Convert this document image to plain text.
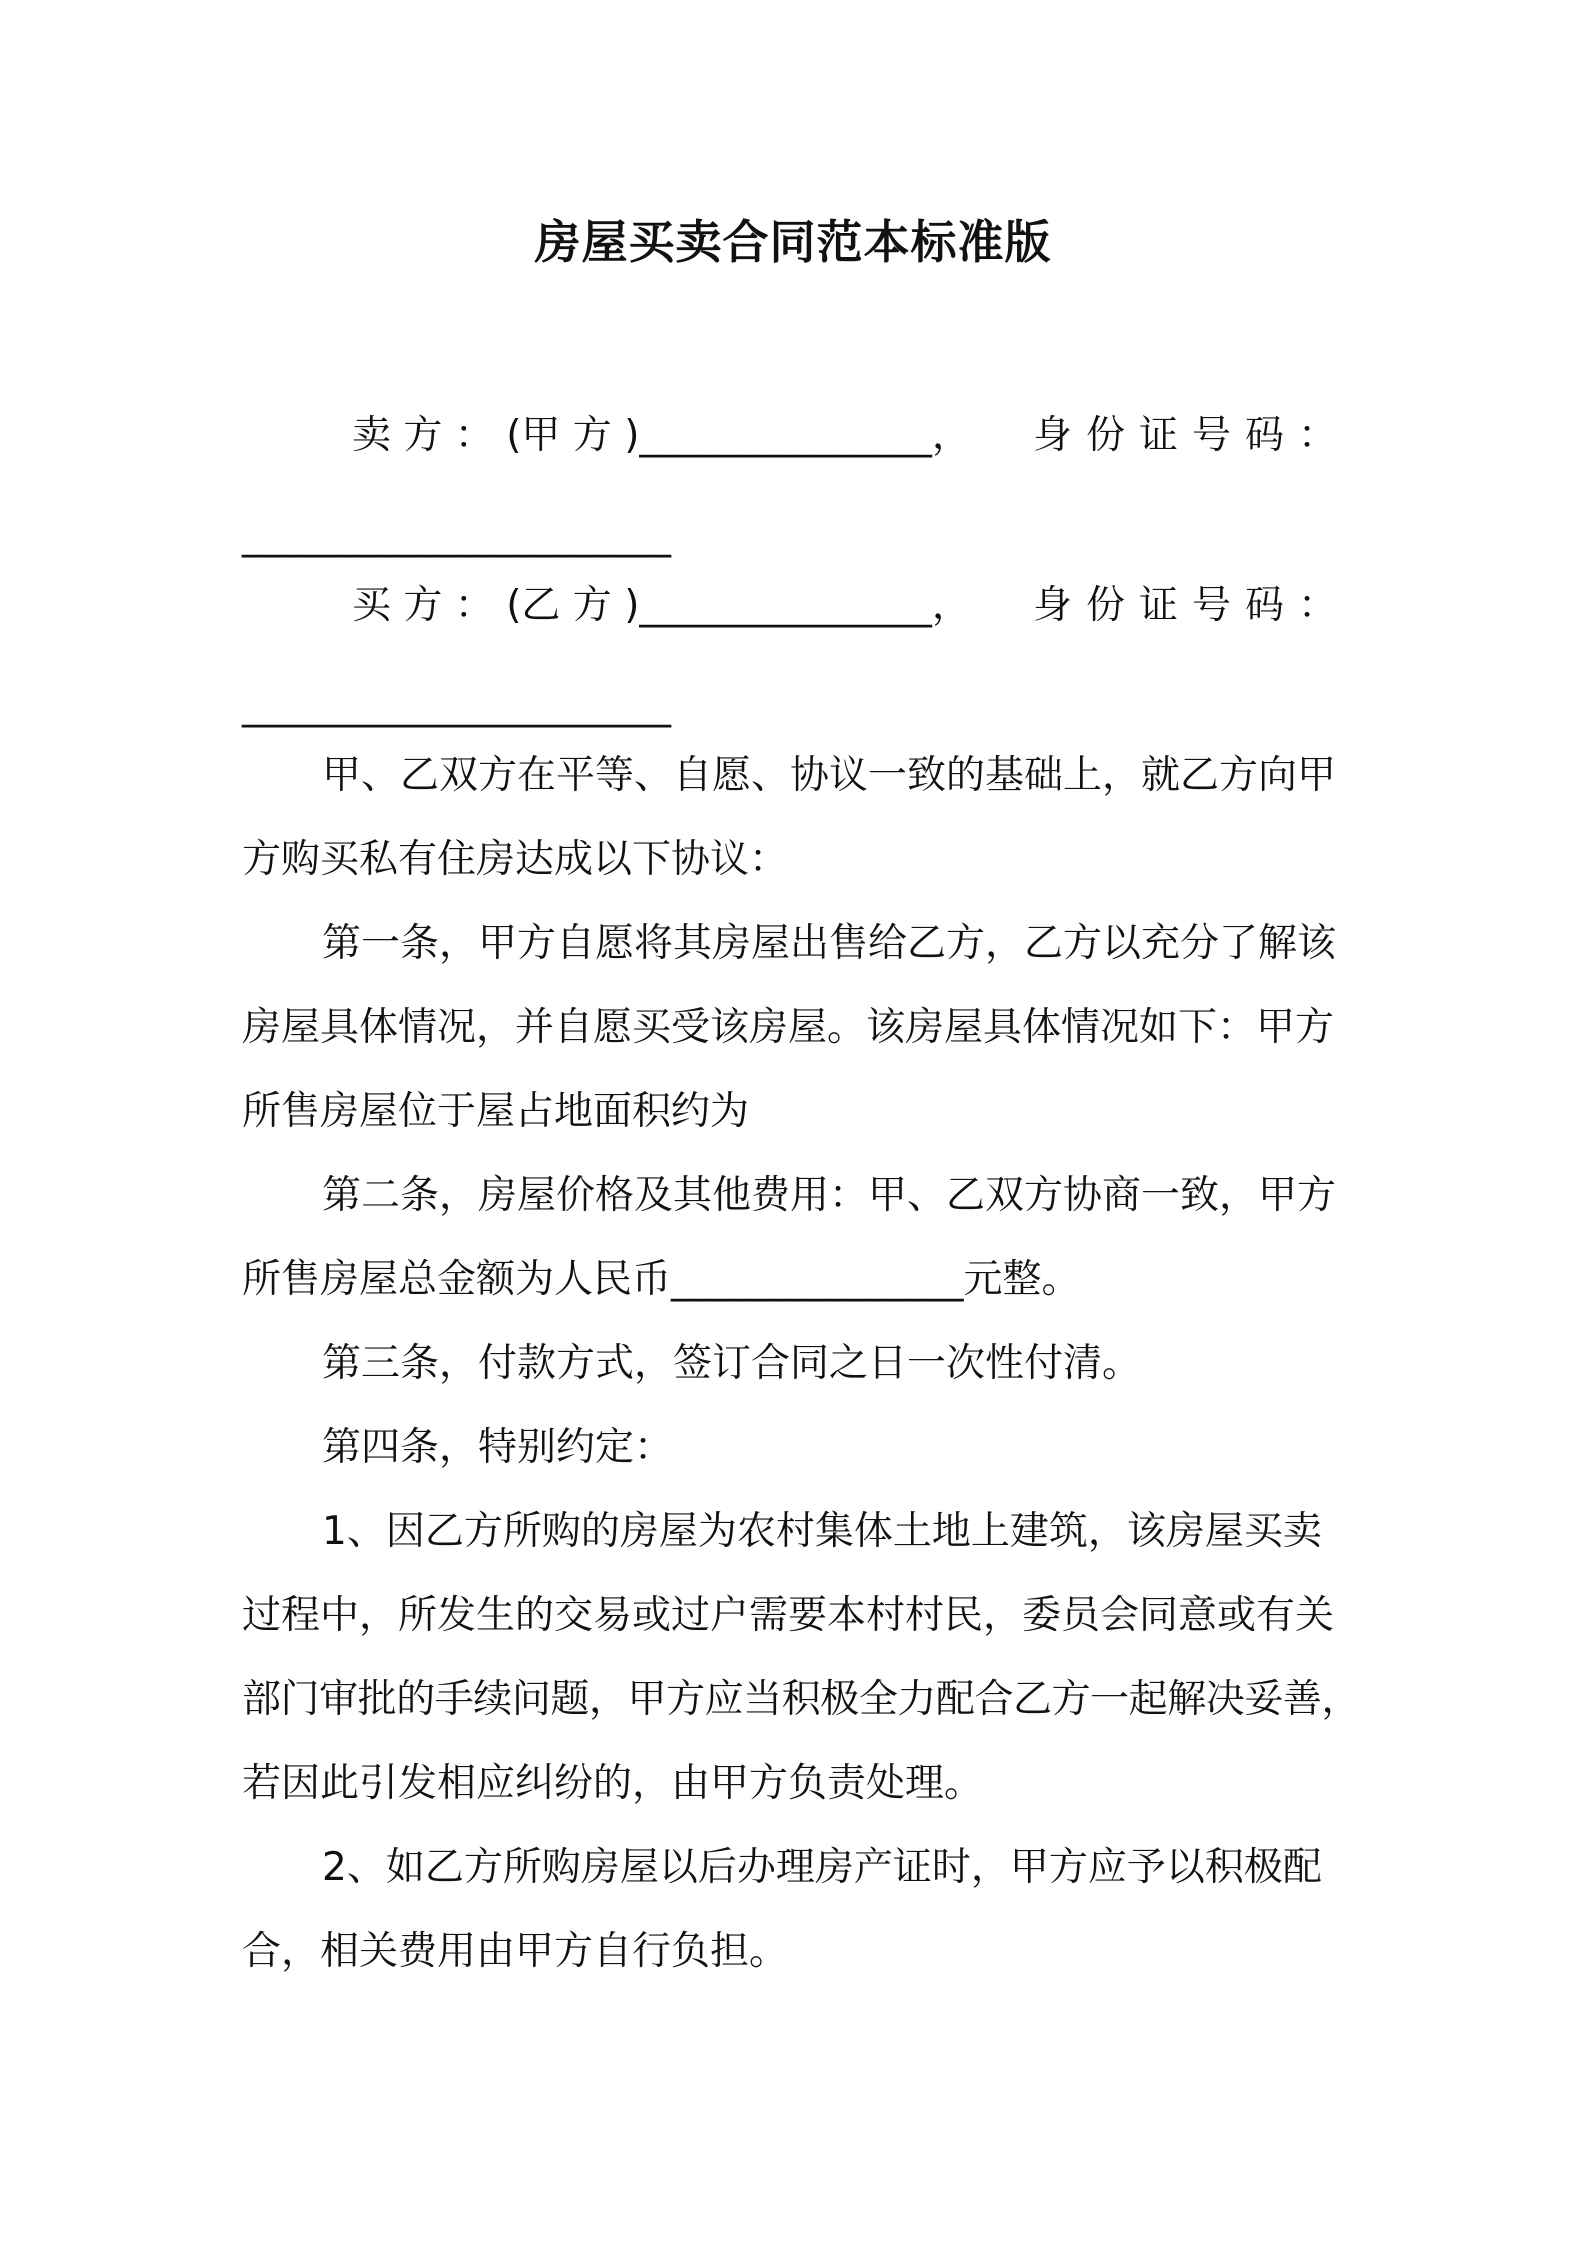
房屋买卖合同范本标准版
卖 方 ： (甲 方 )_______________， 身份证号码：
______________________
买 方 ： (乙 方 )_______________， 身份证号码：
______________________
甲、乙双方在平等、自愿、协议一致的基础上，就乙方向甲
方购买私有住房达成以下协议：
第一条，甲方自愿将其房屋出售给乙方，乙方以充分了解该
房屋具体情况，并自愿买受该房屋。该房屋具体情况如下：甲方
所售房屋位于屋占地面积约为
第二条，房屋价格及其他费用：甲、乙双方协商一致，甲方
所售房屋总金额为人民币_______________元整。
第三条，付款方式，签订合同之日一次性付清。
第四条，特别约定：
1、因乙方所购的房屋为农村集体土地上建筑，该房屋买卖
过程中，所发生的交易或过户需要本村村民，委员会同意或有关
部门审批的手续问题，甲方应当积极全力配合乙方一起解决妥善，
若因此引发相应纠纷的，由甲方负责处理。
2、如乙方所购房屋以后办理房产证时，甲方应予以积极配
合，相关费用由甲方自行负担。
